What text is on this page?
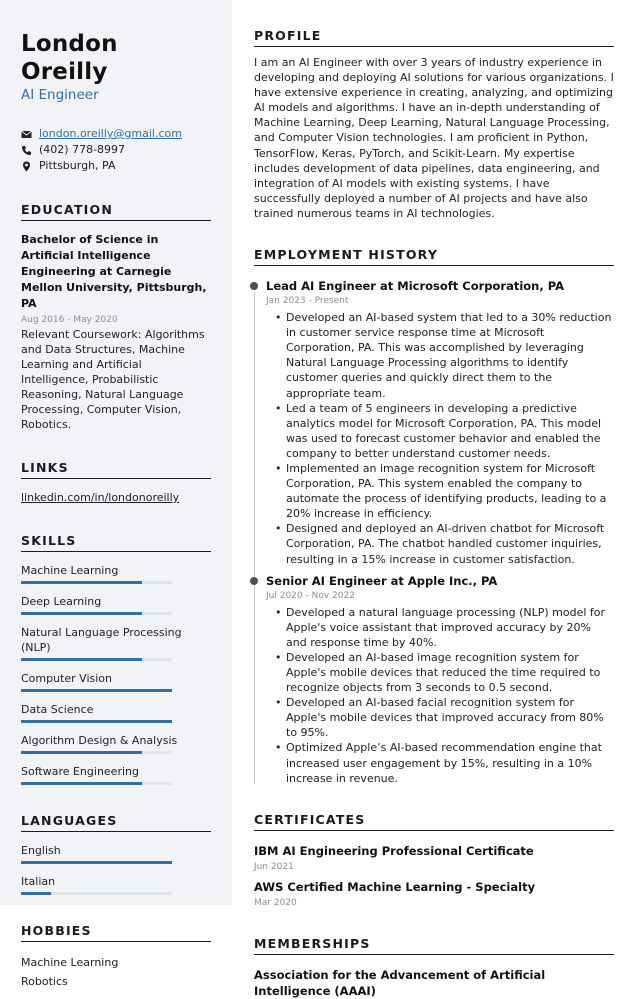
London Oreilly
AI Engineer
london.oreilly@gmail.com
(402) 778-8997
Pittsburgh, PA
EDUCATION
Bachelor of Science in Artificial Intelligence Engineering at Carnegie Mellon University, Pittsburgh, PA
Aug 2016 - May 2020
Relevant Coursework: Algorithms and Data Structures, Machine Learning and Artificial Intelligence, Probabilistic Reasoning, Natural Language Processing, Computer Vision, Robotics.
LINKS
linkedin.com/in/londonoreilly
SKILLS
Machine Learning
Deep Learning
Natural Language Processing (NLP)
Computer Vision
Data Science
Algorithm Design & Analysis
Software Engineering
LANGUAGES
English
Italian
HOBBIES
Machine Learning
Robotics
PROFILE
I am an AI Engineer with over 3 years of industry experience in developing and deploying AI solutions for various organizations. I have extensive experience in creating, analyzing, and optimizing AI models and algorithms. I have an in-depth understanding of Machine Learning, Deep Learning, Natural Language Processing, and Computer Vision technologies. I am proficient in Python, TensorFlow, Keras, PyTorch, and Scikit-Learn. My expertise includes development of data pipelines, data engineering, and integration of AI models with existing systems. I have successfully deployed a number of AI projects and have also trained numerous teams in AI technologies.
EMPLOYMENT HISTORY
Lead AI Engineer at Microsoft Corporation, PA
Jan 2023 - Present
• Developed an AI-based system that led to a 30% reduction in customer service response time at Microsoft Corporation, PA. This was accomplished by leveraging Natural Language Processing algorithms to identify customer queries and quickly direct them to the appropriate team.
• Led a team of 5 engineers in developing a predictive analytics model for Microsoft Corporation, PA. This model was used to forecast customer behavior and enabled the company to better understand customer needs.
• Implemented an image recognition system for Microsoft Corporation, PA. This system enabled the company to automate the process of identifying products, leading to a 20% increase in efficiency.
• Designed and deployed an AI-driven chatbot for Microsoft Corporation, PA. The chatbot handled customer inquiries, resulting in a 15% increase in customer satisfaction.
Senior AI Engineer at Apple Inc., PA
Jul 2020 - Nov 2022
• Developed a natural language processing (NLP) model for Apple's voice assistant that improved accuracy by 20% and response time by 40%.
• Developed an AI-based image recognition system for Apple's mobile devices that reduced the time required to recognize objects from 3 seconds to 0.5 second.
• Developed an AI-based facial recognition system for Apple's mobile devices that improved accuracy from 80% to 95%.
• Optimized Apple’s AI-based recommendation engine that increased user engagement by 15%, resulting in a 10% increase in revenue.
CERTIFICATES
IBM AI Engineering Professional Certificate
Jun 2021
AWS Certified Machine Learning - Specialty
Mar 2020
MEMBERSHIPS
Association for the Advancement of Artificial Intelligence (AAAI)
